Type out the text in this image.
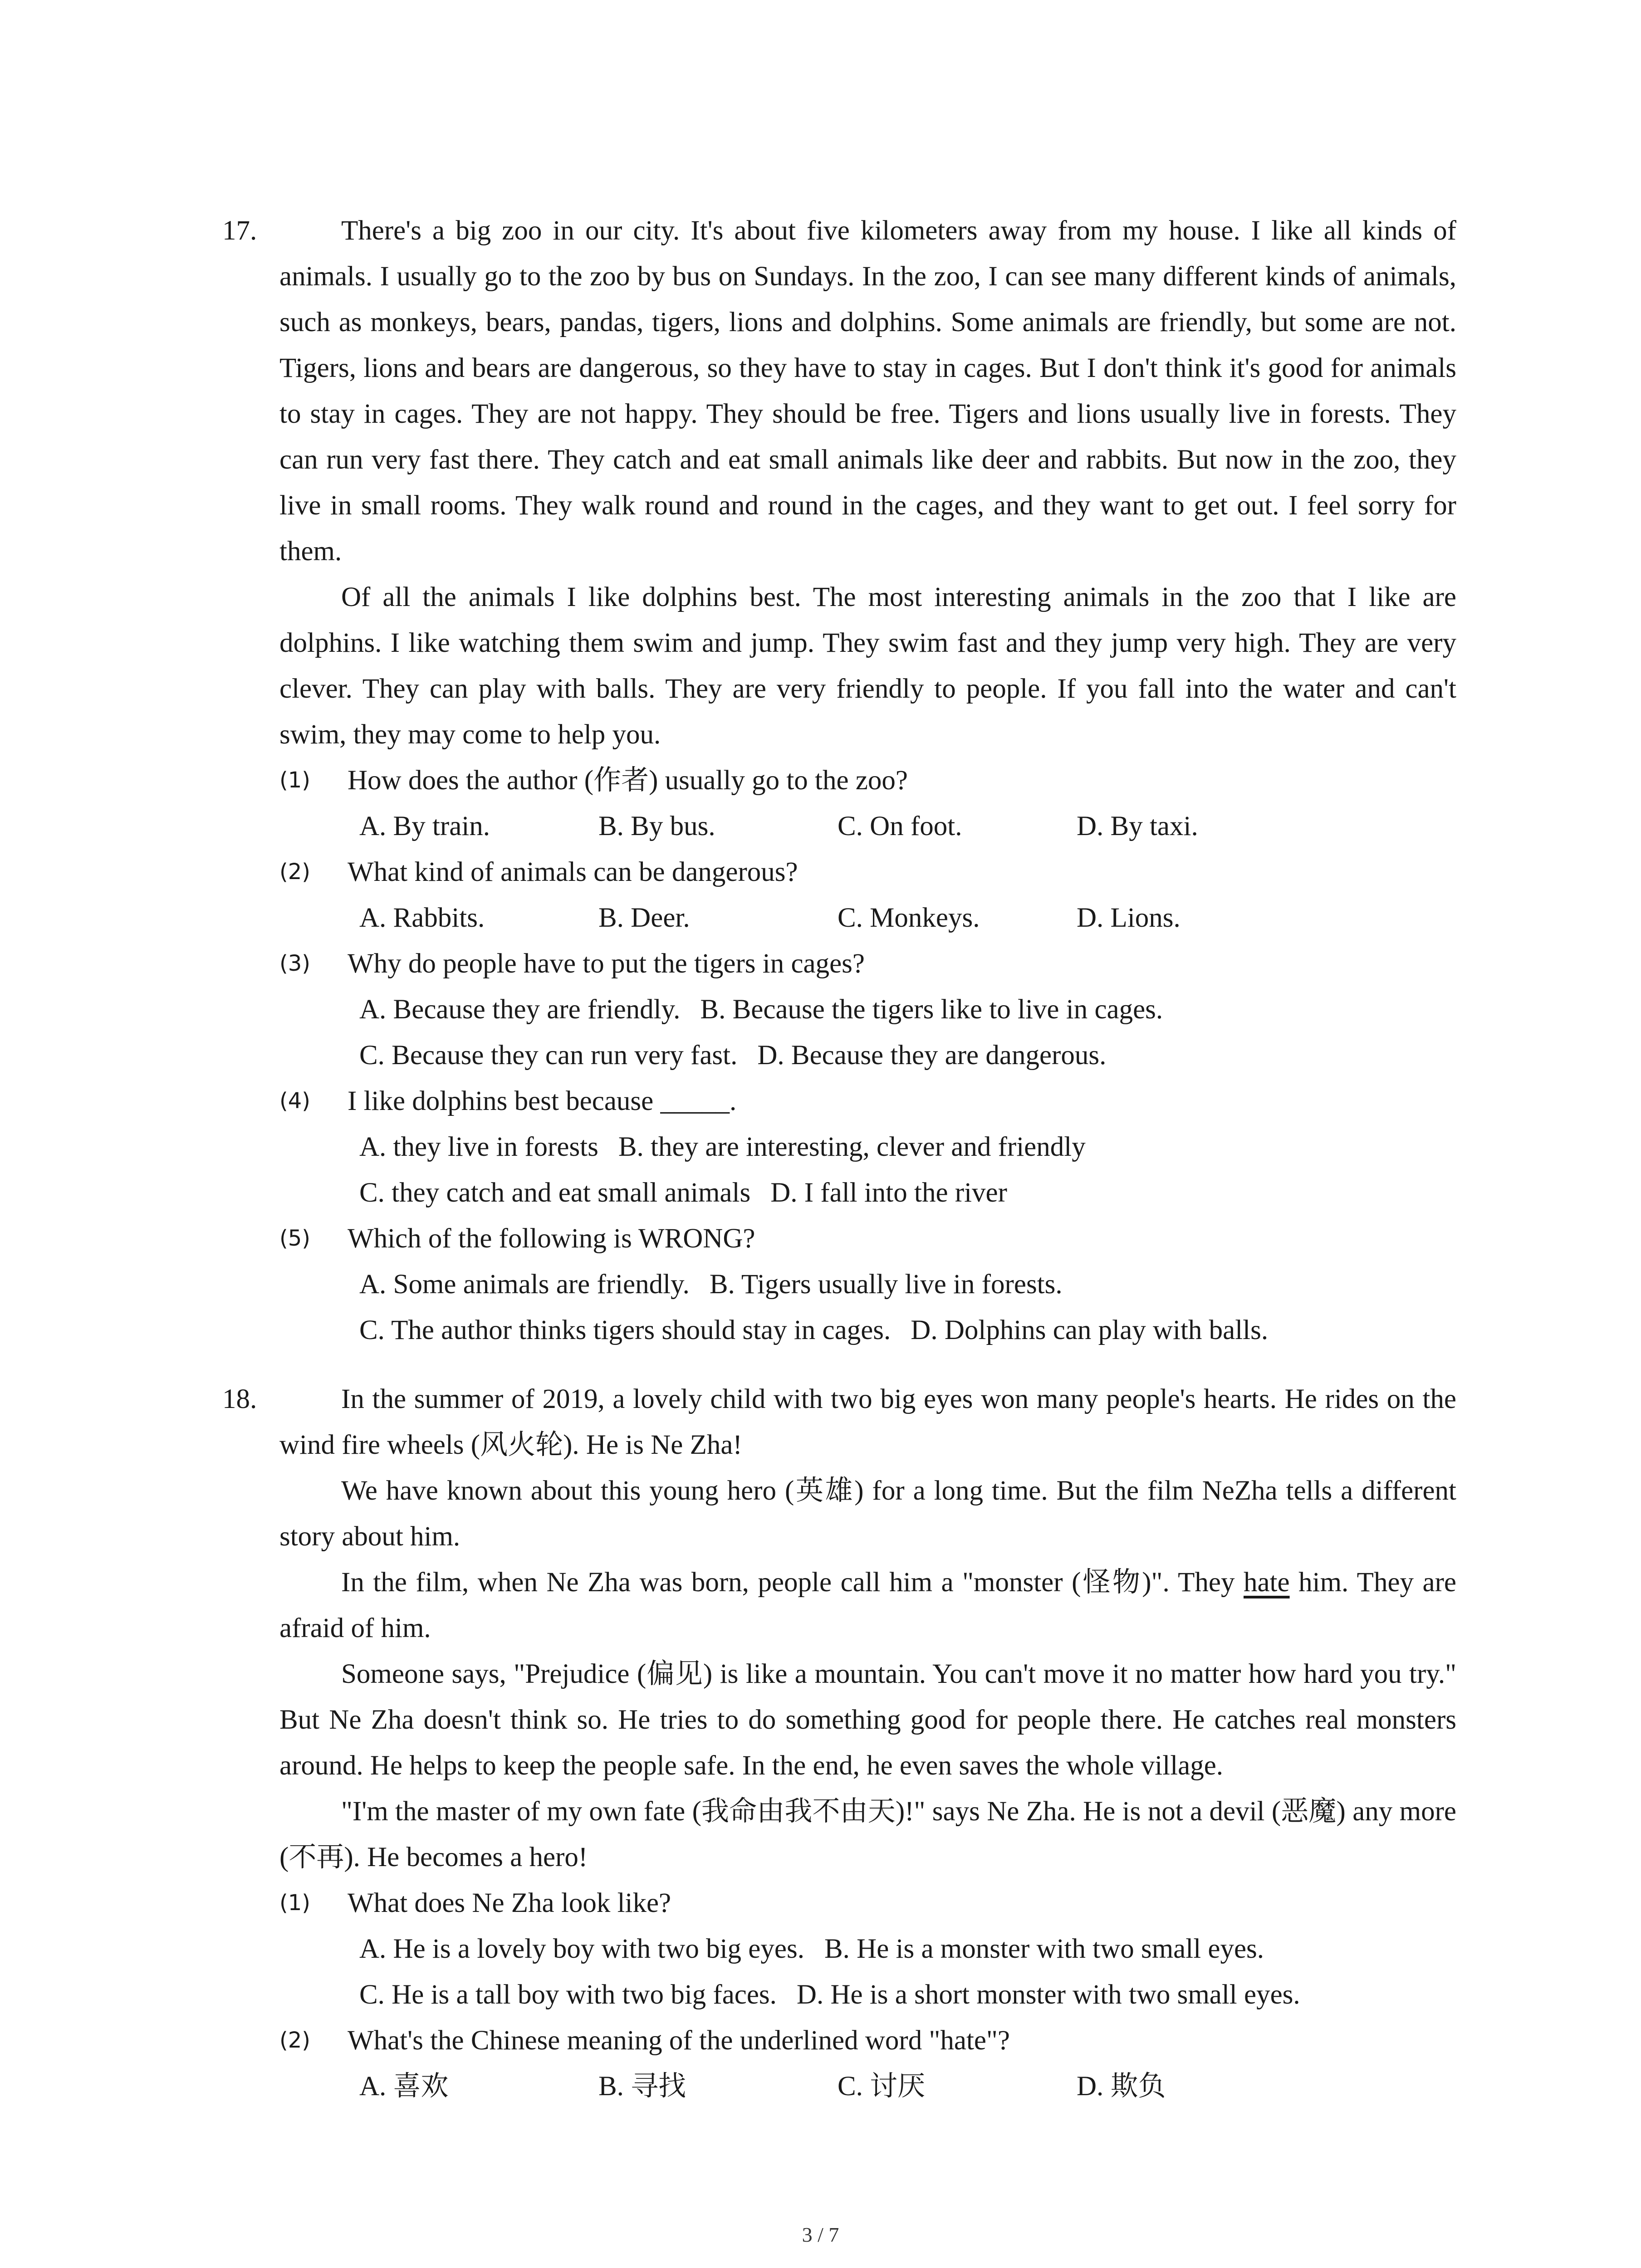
17.	There's a big zoo in our city. It's about five kilometers away from my house. I like all kinds of animals. I usually go to the zoo by bus on Sundays. In the zoo, I can see many different kinds of animals, such as monkeys, bears, pandas, tigers, lions and dolphins. Some animals are friendly, but some are not. Tigers, lions and bears are dangerous, so they have to stay in cages. But I don't think it's good for animals to stay in cages. They are not happy. They should be free. Tigers and lions usually live in forests. They can run very fast there. They catch and eat small animals like deer and rabbits. But now in the zoo, they live in small rooms. They walk round and round in the cages, and they want to get out. I feel sorry for them.

Of all the animals I like dolphins best. The most interesting animals in the zoo that I like are dolphins. I like watching them swim and jump. They swim fast and they jump very high. They are very clever. They can play with balls. They are very friendly to people. If you fall into the water and can't swim, they may come to help you.

(1) How does the author (作者) usually go to the zoo?
A. By train.	B. By bus.	C. On foot.	D. By taxi.
(2) What kind of animals can be dangerous?
A. Rabbits.	B. Deer.	C. Monkeys.	D. Lions.
(3) Why do people have to put the tigers in cages?
A. Because they are friendly. B. Because the tigers like to live in cages.
C. Because they can run very fast. D. Because they are dangerous.
(4) I like dolphins best because _____.
A. they live in forests B. they are interesting, clever and friendly
C. they catch and eat small animals D. I fall into the river
(5) Which of the following is WRONG?
A. Some animals are friendly. B. Tigers usually live in forests.
C. The author thinks tigers should stay in cages. D. Dolphins can play with balls.
18.	In the summer of 2019, a lovely child with two big eyes won many people's hearts. He rides on the wind fire wheels (风火轮). He is Ne Zha!

We have known about this young hero (英雄) for a long time. But the film NeZha tells a different story about him.

In the film, when Ne Zha was born, people call him a "monster (怪物)". They hate him. They are afraid of him.

Someone says, "Prejudice (偏见) is like a mountain. You can't move it no matter how hard you try." But Ne Zha doesn't think so. He tries to do something good for people there. He catches real monsters around. He helps to keep the people safe. In the end, he even saves the whole village.

"I'm the master of my own fate (我命由我不由天)!" says Ne Zha. He is not a devil (恶魔) any more (不再). He becomes a hero!

(1) What does Ne Zha look like?
A. He is a lovely boy with two big eyes. B. He is a monster with two small eyes.
C. He is a tall boy with two big faces. D. He is a short monster with two small eyes.
(2) What's the Chinese meaning of the underlined word "hate"?
A. 喜欢	B. 寻找	C. 讨厌	D. 欺负
3 / 7
